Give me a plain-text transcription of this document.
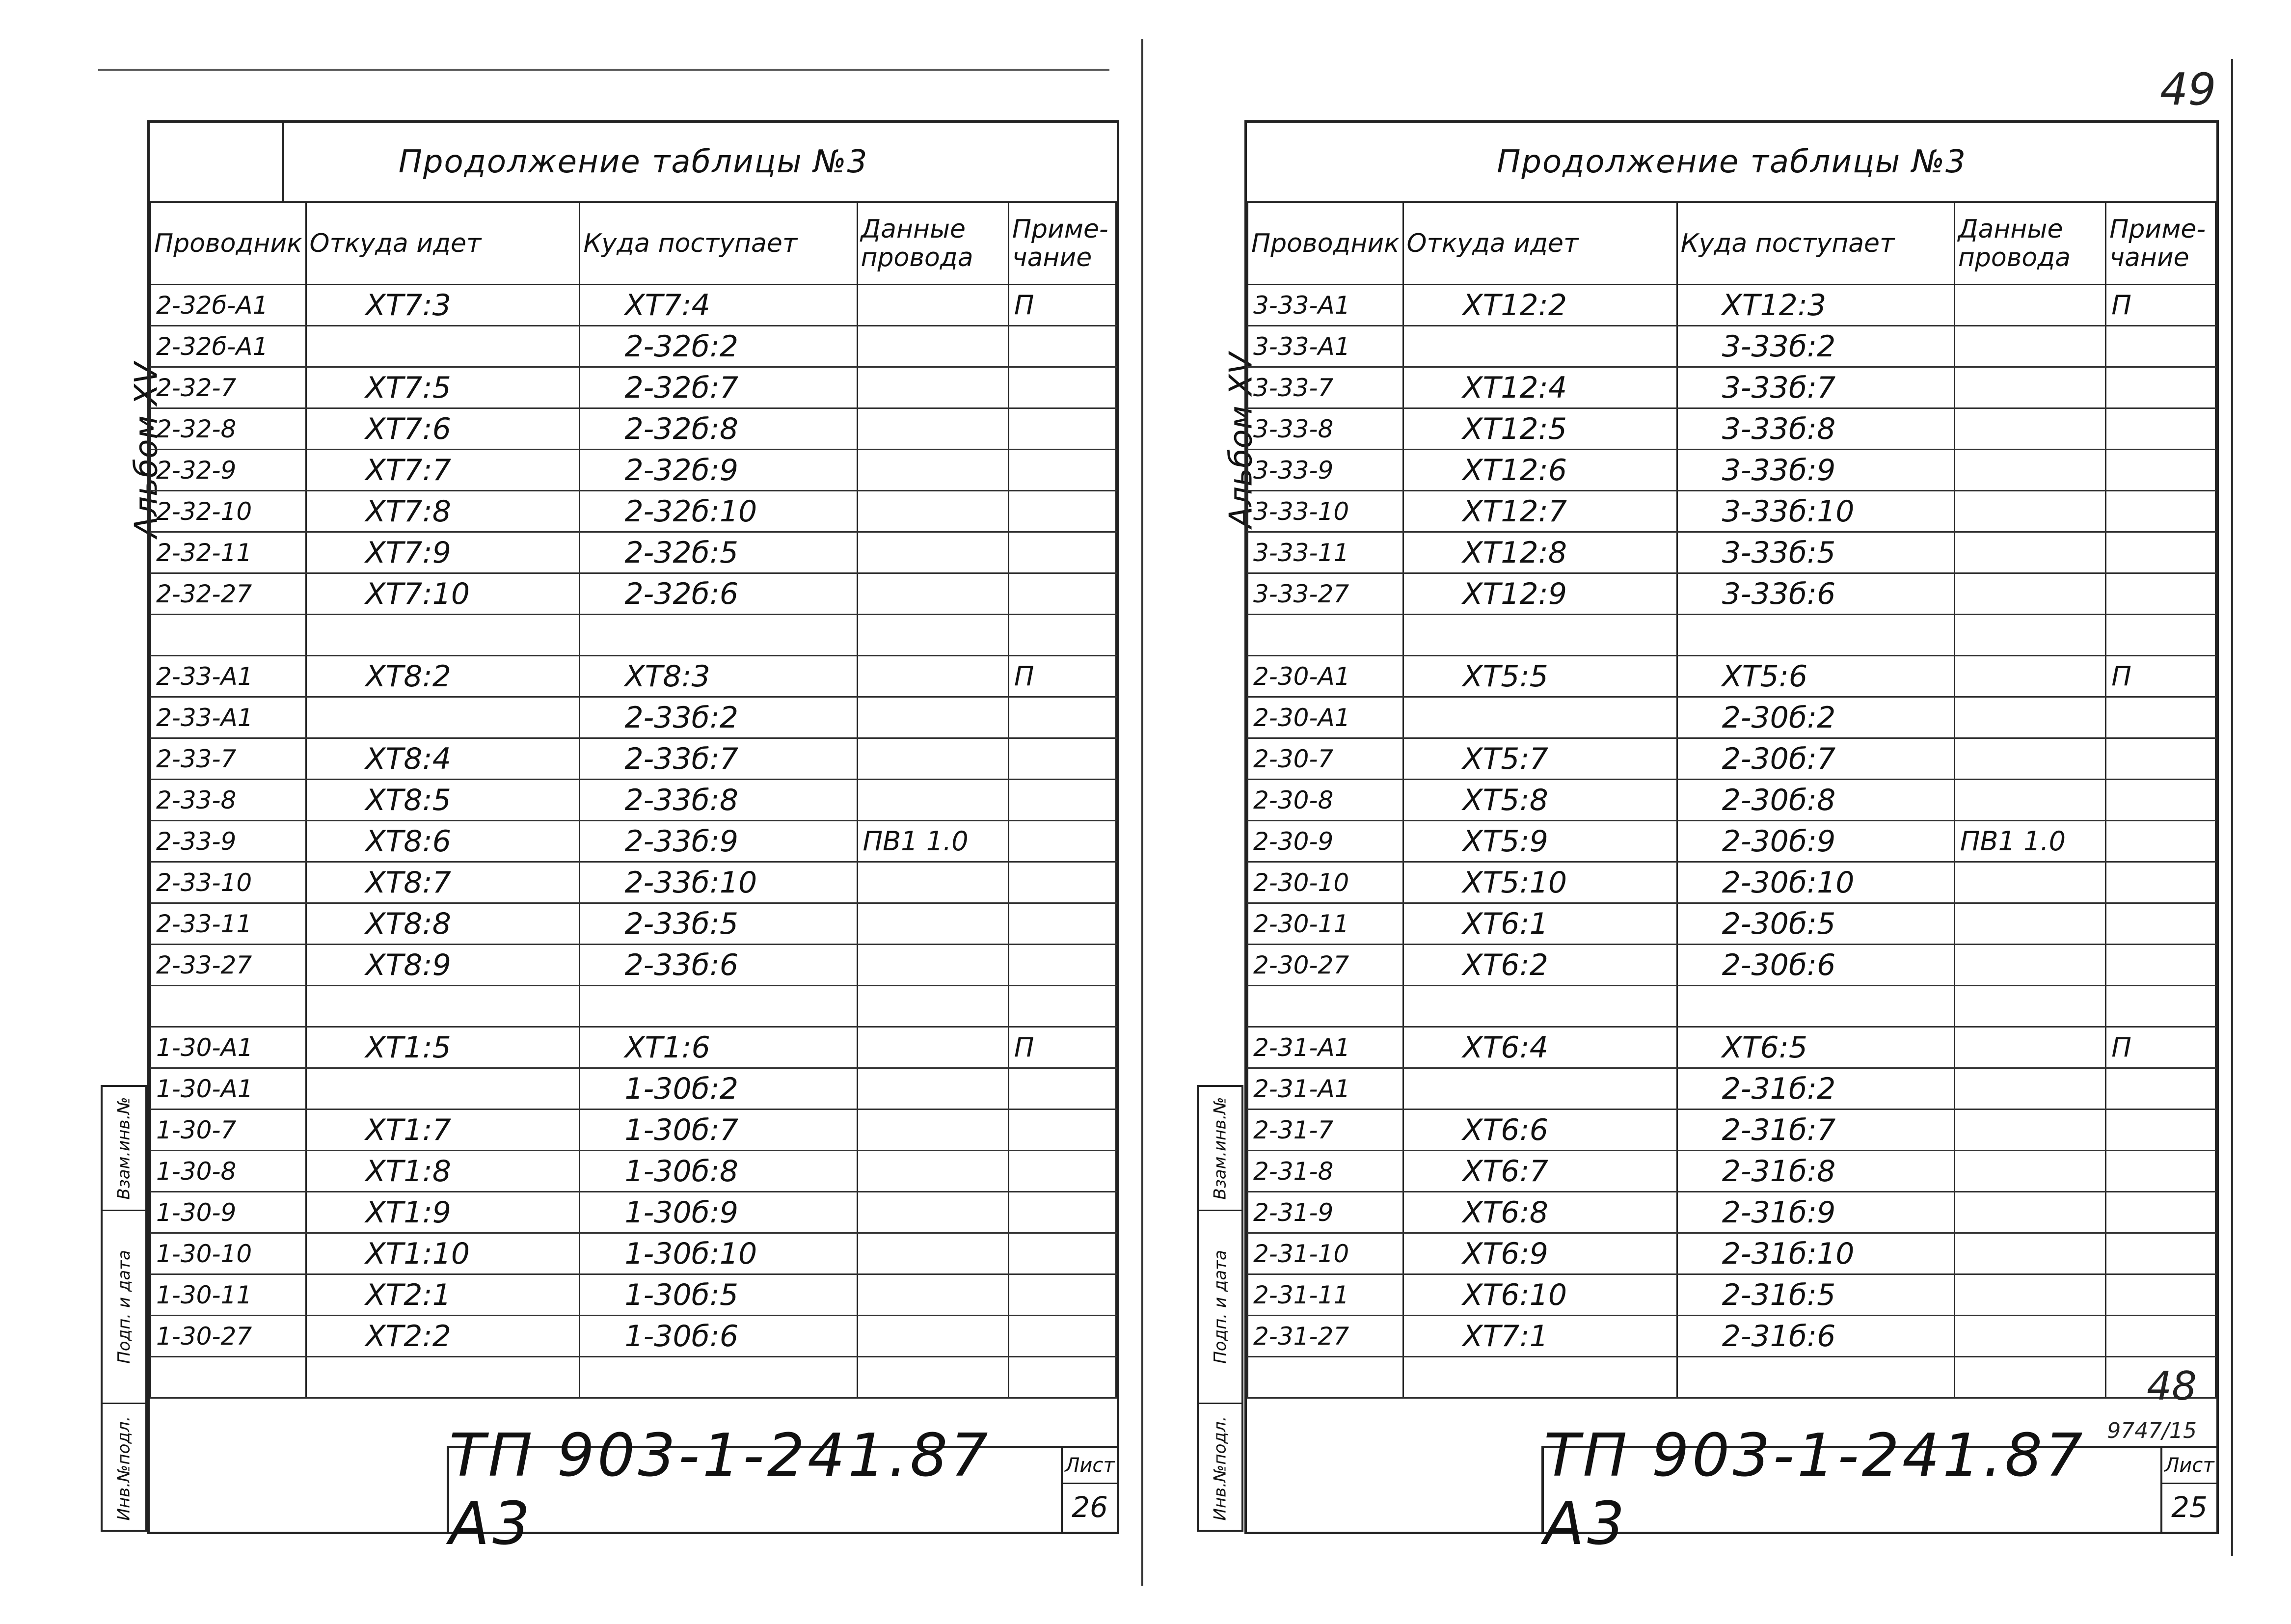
49
Альбом XV
Взам.инв.№
Подп. и дата
Инв.№подл.
Продолжение таблицы №3
Проводник	Откуда идет	Куда поступает	Данные провода	Приме-чание
2-32б-А1	ХТ7:3	ХТ7:4		П
2-32б-А1		2-32б:2		
2-32-7	ХТ7:5	2-32б:7		
2-32-8	ХТ7:6	2-32б:8		
2-32-9	ХТ7:7	2-32б:9		
2-32-10	ХТ7:8	2-32б:10		
2-32-11	ХТ7:9	2-32б:5		
2-32-27	ХТ7:10	2-32б:6		

2-33-А1	ХТ8:2	ХТ8:3		П
2-33-А1		2-33б:2		
2-33-7	ХТ8:4	2-33б:7		
2-33-8	ХТ8:5	2-33б:8		
2-33-9	ХТ8:6	2-33б:9	ПВ1 1.0	
2-33-10	ХТ8:7	2-33б:10		
2-33-11	ХТ8:8	2-33б:5		
2-33-27	ХТ8:9	2-33б:6		

1-30-А1	ХТ1:5	ХТ1:6		П
1-30-А1		1-30б:2		
1-30-7	ХТ1:7	1-30б:7		
1-30-8	ХТ1:8	1-30б:8		
1-30-9	ХТ1:9	1-30б:9		
1-30-10	ХТ1:10	1-30б:10		
1-30-11	ХТ2:1	1-30б:5		
1-30-27	ХТ2:2	1-30б:6		

ТП 903-1-241.87 А3
Лист
26
Альбом XV
Взам.инв.№
Подп. и дата
Инв.№подл.
Продолжение таблицы №3
Проводник	Откуда идет	Куда поступает	Данные провода	Приме-чание
3-33-А1	ХТ12:2	ХТ12:3		П
3-33-А1		3-33б:2		
3-33-7	ХТ12:4	3-33б:7		
3-33-8	ХТ12:5	3-33б:8		
3-33-9	ХТ12:6	3-33б:9		
3-33-10	ХТ12:7	3-33б:10		
3-33-11	ХТ12:8	3-33б:5		
3-33-27	ХТ12:9	3-33б:6		

2-30-А1	ХТ5:5	ХТ5:6		П
2-30-А1		2-30б:2		
2-30-7	ХТ5:7	2-30б:7		
2-30-8	ХТ5:8	2-30б:8		
2-30-9	ХТ5:9	2-30б:9	ПВ1 1.0	
2-30-10	ХТ5:10	2-30б:10		
2-30-11	ХТ6:1	2-30б:5		
2-30-27	ХТ6:2	2-30б:6		

2-31-А1	ХТ6:4	ХТ6:5		П
2-31-А1		2-31б:2		
2-31-7	ХТ6:6	2-31б:7		
2-31-8	ХТ6:7	2-31б:8		
2-31-9	ХТ6:8	2-31б:9		
2-31-10	ХТ6:9	2-31б:10		
2-31-11	ХТ6:10	2-31б:5		
2-31-27	ХТ7:1	2-31б:6		

48
9747/15
ТП 903-1-241.87 А3
Лист
25
